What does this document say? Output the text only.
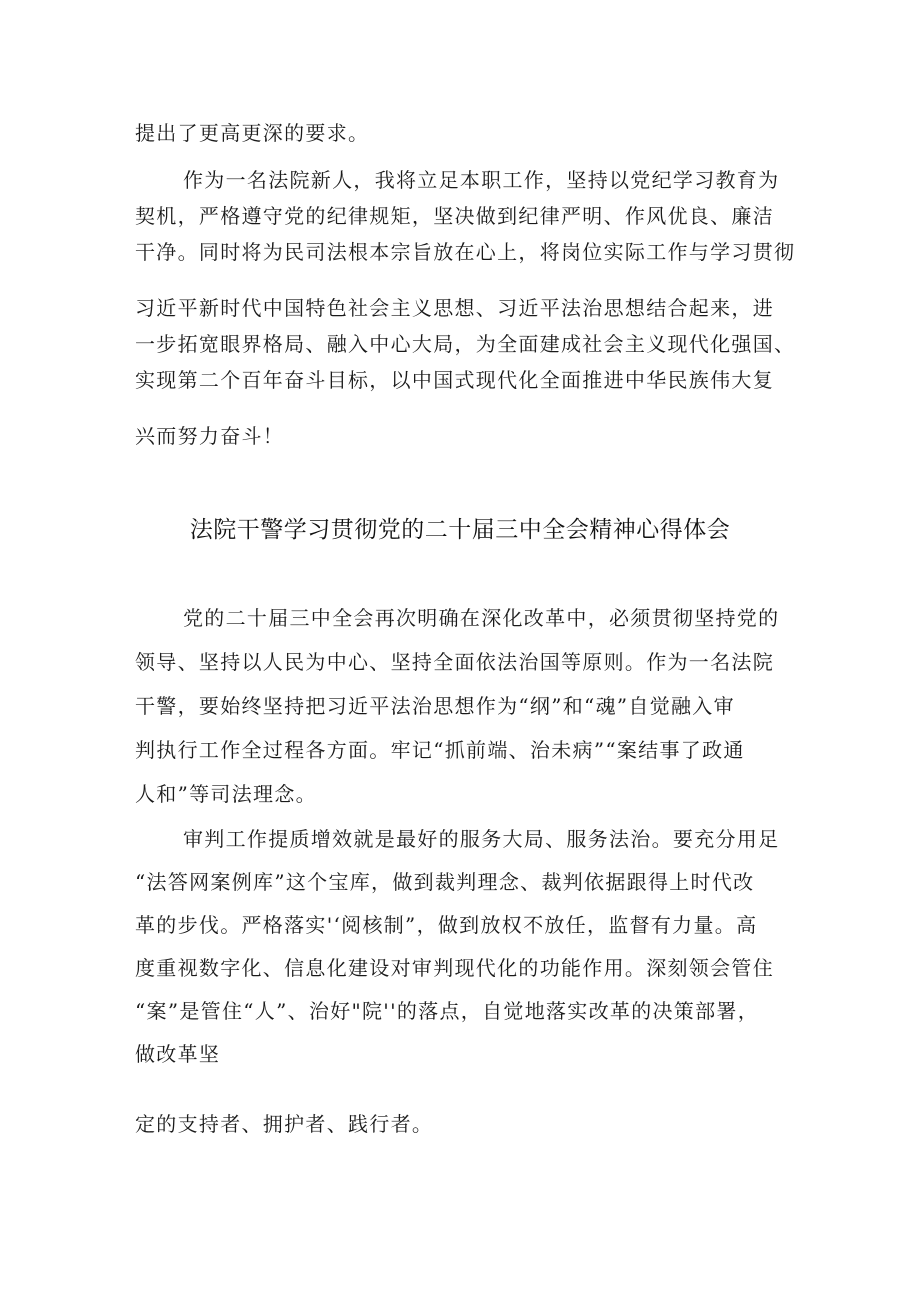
提出了更高更深的要求。
作为一名法院新人，我将立足本职工作，坚持以党纪学习教育为
契机，严格遵守党的纪律规矩，坚决做到纪律严明、作风优良、廉洁
干净。同时将为民司法根本宗旨放在心上，将岗位实际工作与学习贯彻
习近平新时代中国特色社会主义思想、习近平法治思想结合起来，进
一步拓宽眼界格局、融入中心大局，为全面建成社会主义现代化强国、
实现第二个百年奋斗目标，以中国式现代化全面推进中华民族伟大复
兴而努力奋斗！
法院干警学习贯彻党的二十届三中全会精神心得体会
党的二十届三中全会再次明确在深化改革中，必须贯彻坚持党的
领导、坚持以人民为中心、坚持全面依法治国等原则。作为一名法院
干警，要始终坚持把习近平法治思想作为“纲”和“魂”自觉融入审
判执行工作全过程各方面。牢记“抓前端、治未病”“案结事了政通
人和”等司法理念。
审判工作提质增效就是最好的服务大局、服务法治。要充分用足
“法答网案例库”这个宝库，做到裁判理念、裁判依据跟得上时代改
革的步伐。严格落实'‘阅核制”，做到放权不放任，监督有力量。高
度重视数字化、信息化建设对审判现代化的功能作用。深刻领会管住
“案”是管住“人”、治好"院''的落点，自觉地落实改革的决策部署，
做改革坚
定的支持者、拥护者、践行者。
